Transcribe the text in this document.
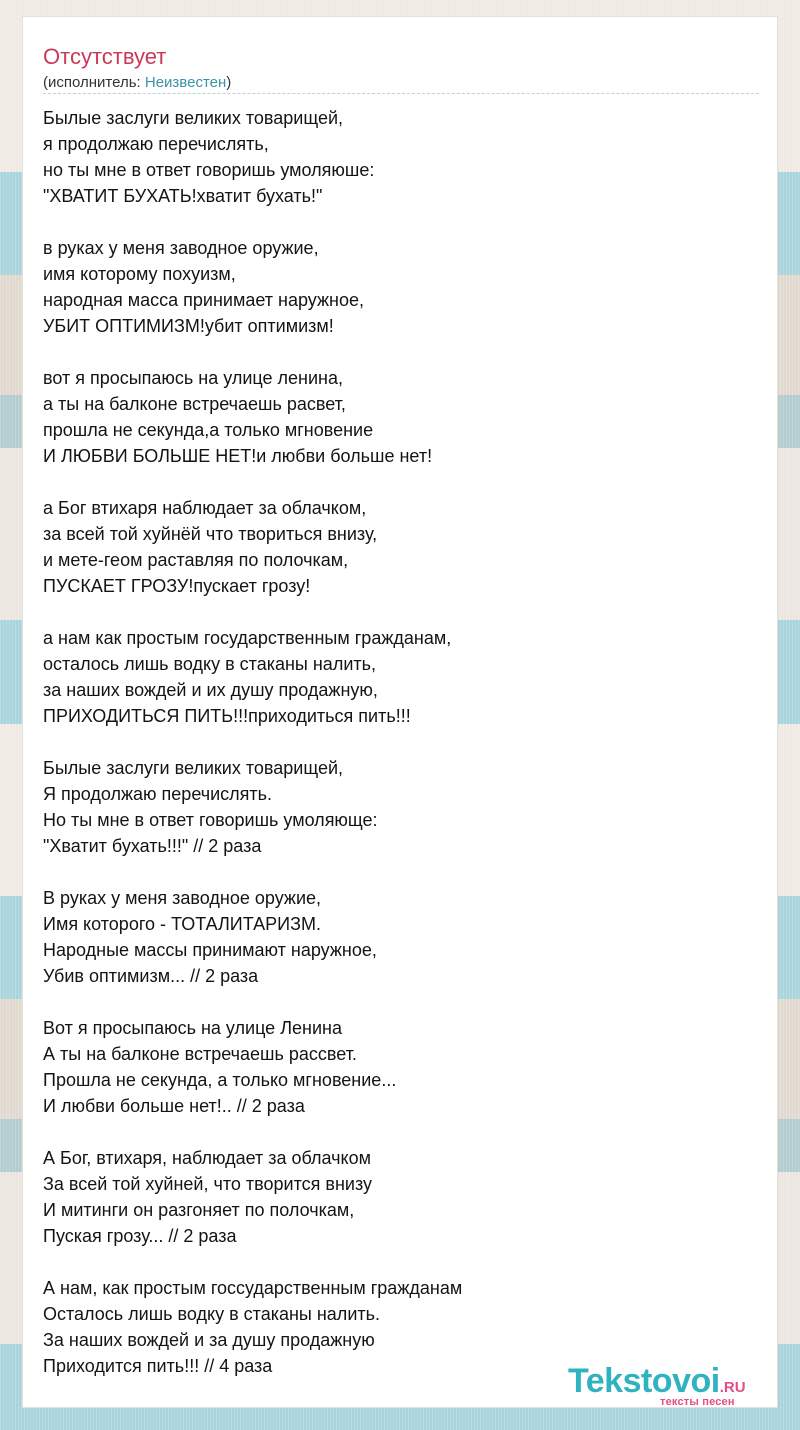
Отсутствует
(исполнитель: Неизвестен)
Былые заслуги великих товарищей,
я продолжаю перечислять,
но ты мне в ответ говоришь умоляюше:
"ХВАТИТ БУХАТЬ!хватит бухать!"
в руках у меня заводное оружие,
имя которому похуизм,
народная масса принимает наружное,
УБИТ ОПТИМИЗМ!убит оптимизм!
вот я просыпаюсь на улице ленина,
а ты на балконе встречаешь расвет,
прошла не секунда,а только мгновение
И ЛЮБВИ БОЛЬШЕ НЕТ!и любви больше нет!
а Бог втихаря наблюдает за облачком,
за всей той хуйнёй что твориться внизу,
и мете-геом раставляя по полочкам,
ПУСКАЕТ ГРОЗУ!пускает грозу!
а нам как простым государственным гражданам,
осталось лишь водку в стаканы налить,
за наших вождей и их душу продажную,
ПРИХОДИТЬСЯ ПИТЬ!!!приходиться пить!!!
Былые заслуги великих товарищей,
Я продолжаю перечислять.
Но ты мне в ответ говоришь умоляюще:
"Хватит бухать!!!" // 2 раза
В руках у меня заводное оружие,
Имя которого - ТОТАЛИТАРИЗМ.
Народные массы принимают наружное,
Убив оптимизм... // 2 раза
Вот я просыпаюсь на улице Ленина
А ты на балконе встречаешь рассвет.
Прошла не секунда, а только мгновение...
И любви больше нет!.. // 2 раза
А Бог, втихаря, наблюдает за облачком
За всей той хуйней, что творится внизу
И митинги он разгоняет по полочкам,
Пуская грозу... // 2 раза
А нам, как простым госсударственным гражданам
Осталось лишь водку в стаканы налить.
За наших вождей и за душу продажную
Приходится пить!!! // 4 раза	Tekstovoi.RU
тексты песен
